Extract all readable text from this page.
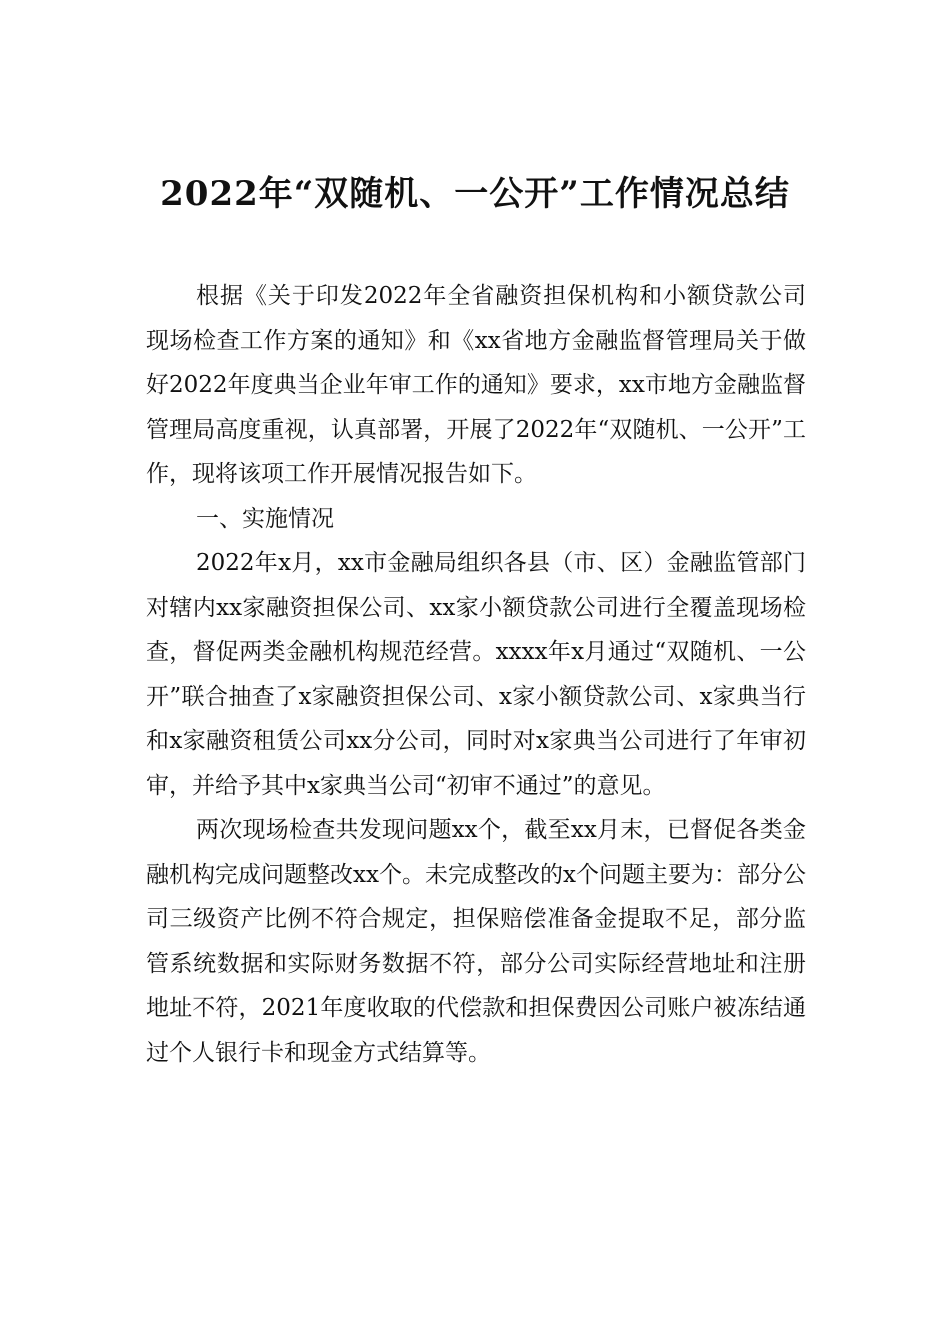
2022年“双随机、一公开”工作情况总结

根据《关于印发2022年全省融资担保机构和小额贷款公司现场检查工作方案的通知》和《xx省地方金融监督管理局关于做好2022年度典当企业年审工作的通知》要求，xx市地方金融监督管理局高度重视，认真部署，开展了2022年“双随机、一公开”工作，现将该项工作开展情况报告如下。

一、实施情况

2022年x月，xx市金融局组织各县（市、区）金融监管部门对辖内xx家融资担保公司、xx家小额贷款公司进行全覆盖现场检查，督促两类金融机构规范经营。xxxx年x月通过“双随机、一公开”联合抽查了x家融资担保公司、x家小额贷款公司、x家典当行和x家融资租赁公司xx分公司，同时对x家典当公司进行了年审初审，并给予其中x家典当公司“初审不通过”的意见。

两次现场检查共发现问题xx个，截至xx月末，已督促各类金融机构完成问题整改xx个。未完成整改的x个问题主要为：部分公司三级资产比例不符合规定，担保赔偿准备金提取不足，部分监管系统数据和实际财务数据不符，部分公司实际经营地址和注册地址不符，2021年度收取的代偿款和担保费因公司账户被冻结通过个人银行卡和现金方式结算等。
